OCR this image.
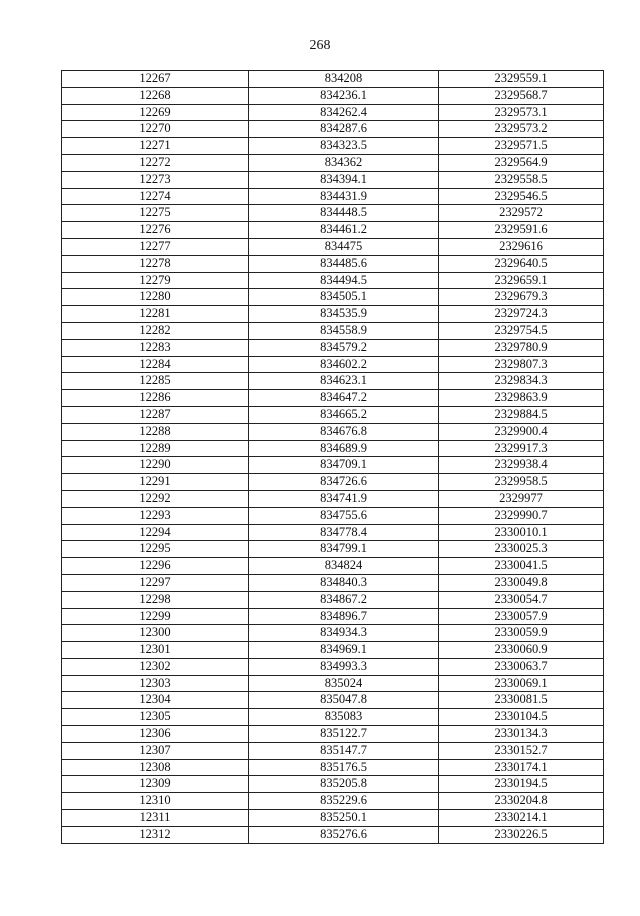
268
12267	834208	2329559.1
12268	834236.1	2329568.7
12269	834262.4	2329573.1
12270	834287.6	2329573.2
12271	834323.5	2329571.5
12272	834362	2329564.9
12273	834394.1	2329558.5
12274	834431.9	2329546.5
12275	834448.5	2329572
12276	834461.2	2329591.6
12277	834475	2329616
12278	834485.6	2329640.5
12279	834494.5	2329659.1
12280	834505.1	2329679.3
12281	834535.9	2329724.3
12282	834558.9	2329754.5
12283	834579.2	2329780.9
12284	834602.2	2329807.3
12285	834623.1	2329834.3
12286	834647.2	2329863.9
12287	834665.2	2329884.5
12288	834676.8	2329900.4
12289	834689.9	2329917.3
12290	834709.1	2329938.4
12291	834726.6	2329958.5
12292	834741.9	2329977
12293	834755.6	2329990.7
12294	834778.4	2330010.1
12295	834799.1	2330025.3
12296	834824	2330041.5
12297	834840.3	2330049.8
12298	834867.2	2330054.7
12299	834896.7	2330057.9
12300	834934.3	2330059.9
12301	834969.1	2330060.9
12302	834993.3	2330063.7
12303	835024	2330069.1
12304	835047.8	2330081.5
12305	835083	2330104.5
12306	835122.7	2330134.3
12307	835147.7	2330152.7
12308	835176.5	2330174.1
12309	835205.8	2330194.5
12310	835229.6	2330204.8
12311	835250.1	2330214.1
12312	835276.6	2330226.5
